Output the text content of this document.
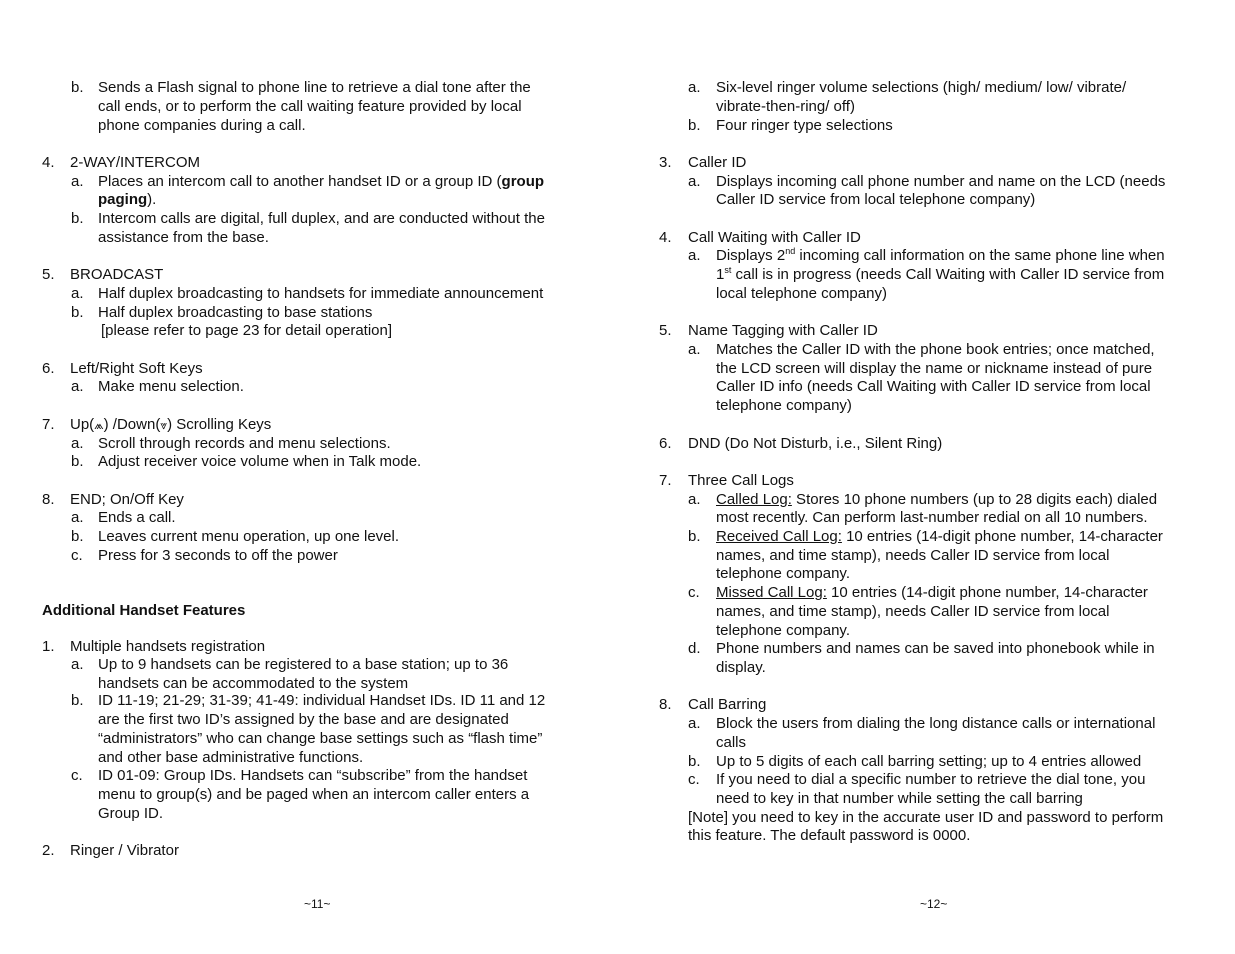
b. Sends a Flash signal to phone line to retrieve a dial tone after the
call ends, or to perform the call waiting feature provided by local
phone companies during a call.
4. 2-WAY/INTERCOM
a. Places an intercom call to another handset ID or a group ID (group
paging).
b. Intercom calls are digital, full duplex, and are conducted without the
assistance from the base.
5. BROADCAST
a. Half duplex broadcasting to handsets for immediate announcement
b. Half duplex broadcasting to base stations
[please refer to page 23 for detail operation]
6. Left/Right Soft Keys
a. Make menu selection.
7. Up(⩕) /Down(⩔) Scrolling Keys
a. Scroll through records and menu selections.
b. Adjust receiver voice volume when in Talk mode.
8. END; On/Off Key
a. Ends a call.
b. Leaves current menu operation, up one level.
c. Press for 3 seconds to off the power
Additional Handset Features
1. Multiple handsets registration
a. Up to 9 handsets can be registered to a base station; up to 36
handsets can be accommodated to the system
b. ID 11-19; 21-29; 31-39; 41-49: individual Handset IDs. ID 11 and 12
are the first two ID’s assigned by the base and are designated
“administrators” who can change base settings such as “flash time”
and other base administrative functions.
c. ID 01-09: Group IDs. Handsets can “subscribe” from the handset
menu to group(s) and be paged when an intercom caller enters a
Group ID.
2. Ringer / Vibrator
~11~
a. Six-level ringer volume selections (high/ medium/ low/ vibrate/
vibrate-then-ring/ off)
b. Four ringer type selections
3. Caller ID
a. Displays incoming call phone number and name on the LCD (needs
Caller ID service from local telephone company)
4. Call Waiting with Caller ID
a. Displays 2nd incoming call information on the same phone line when
1st call is in progress (needs Call Waiting with Caller ID service from
local telephone company)
5. Name Tagging with Caller ID
a. Matches the Caller ID with the phone book entries; once matched,
the LCD screen will display the name or nickname instead of pure
Caller ID info (needs Call Waiting with Caller ID service from local
telephone company)
6. DND (Do Not Disturb, i.e., Silent Ring)
7. Three Call Logs
a. Called Log: Stores 10 phone numbers (up to 28 digits each) dialed
most recently. Can perform last-number redial on all 10 numbers.
b. Received Call Log: 10 entries (14-digit phone number, 14-character
names, and time stamp), needs Caller ID service from local
telephone company.
c. Missed Call Log: 10 entries (14-digit phone number, 14-character
names, and time stamp), needs Caller ID service from local
telephone company.
d. Phone numbers and names can be saved into phonebook while in
display.
8. Call Barring
a. Block the users from dialing the long distance calls or international
calls
b. Up to 5 digits of each call barring setting; up to 4 entries allowed
c. If you need to dial a specific number to retrieve the dial tone, you
need to key in that number while setting the call barring
[Note] you need to key in the accurate user ID and password to perform
this feature. The default password is 0000.
~12~
